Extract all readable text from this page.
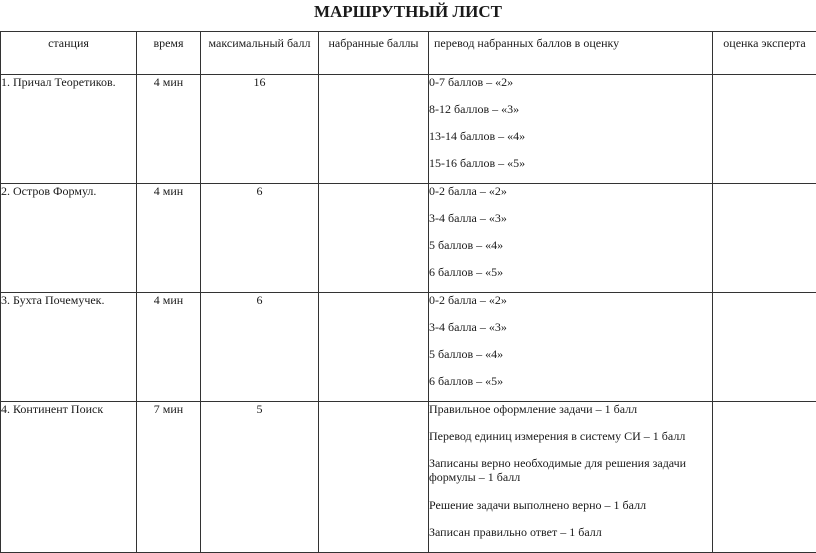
МАРШРУТНЫЙ ЛИСТ
станция	время	максимальный балл	набранные баллы	перевод набранных баллов в оценку	оценка эксперта
1. Причал Теоретиков.	4 мин	16		0-7 баллов – «2»
8-12 баллов – «3»
13-14 баллов – «4»
15-16 баллов – «5»	

2. Остров Формул.	4 мин	6		0-2 балла – «2»
3-4 балла – «3»
5 баллов – «4»
6 баллов – «5»	

3. Бухта Почемучек.	4 мин	6		0-2 балла – «2»
3-4 балла – «3»
5 баллов – «4»
6 баллов – «5»	

4. Континент Поиск	7 мин	5		Правильное оформление задачи – 1 балл
Перевод единиц измерения в систему СИ – 1 балл
Записаны верно необходимые для решения задачи формулы – 1 балл
Решение задачи выполнено верно – 1 балл
Записан правильно ответ – 1 балл	
